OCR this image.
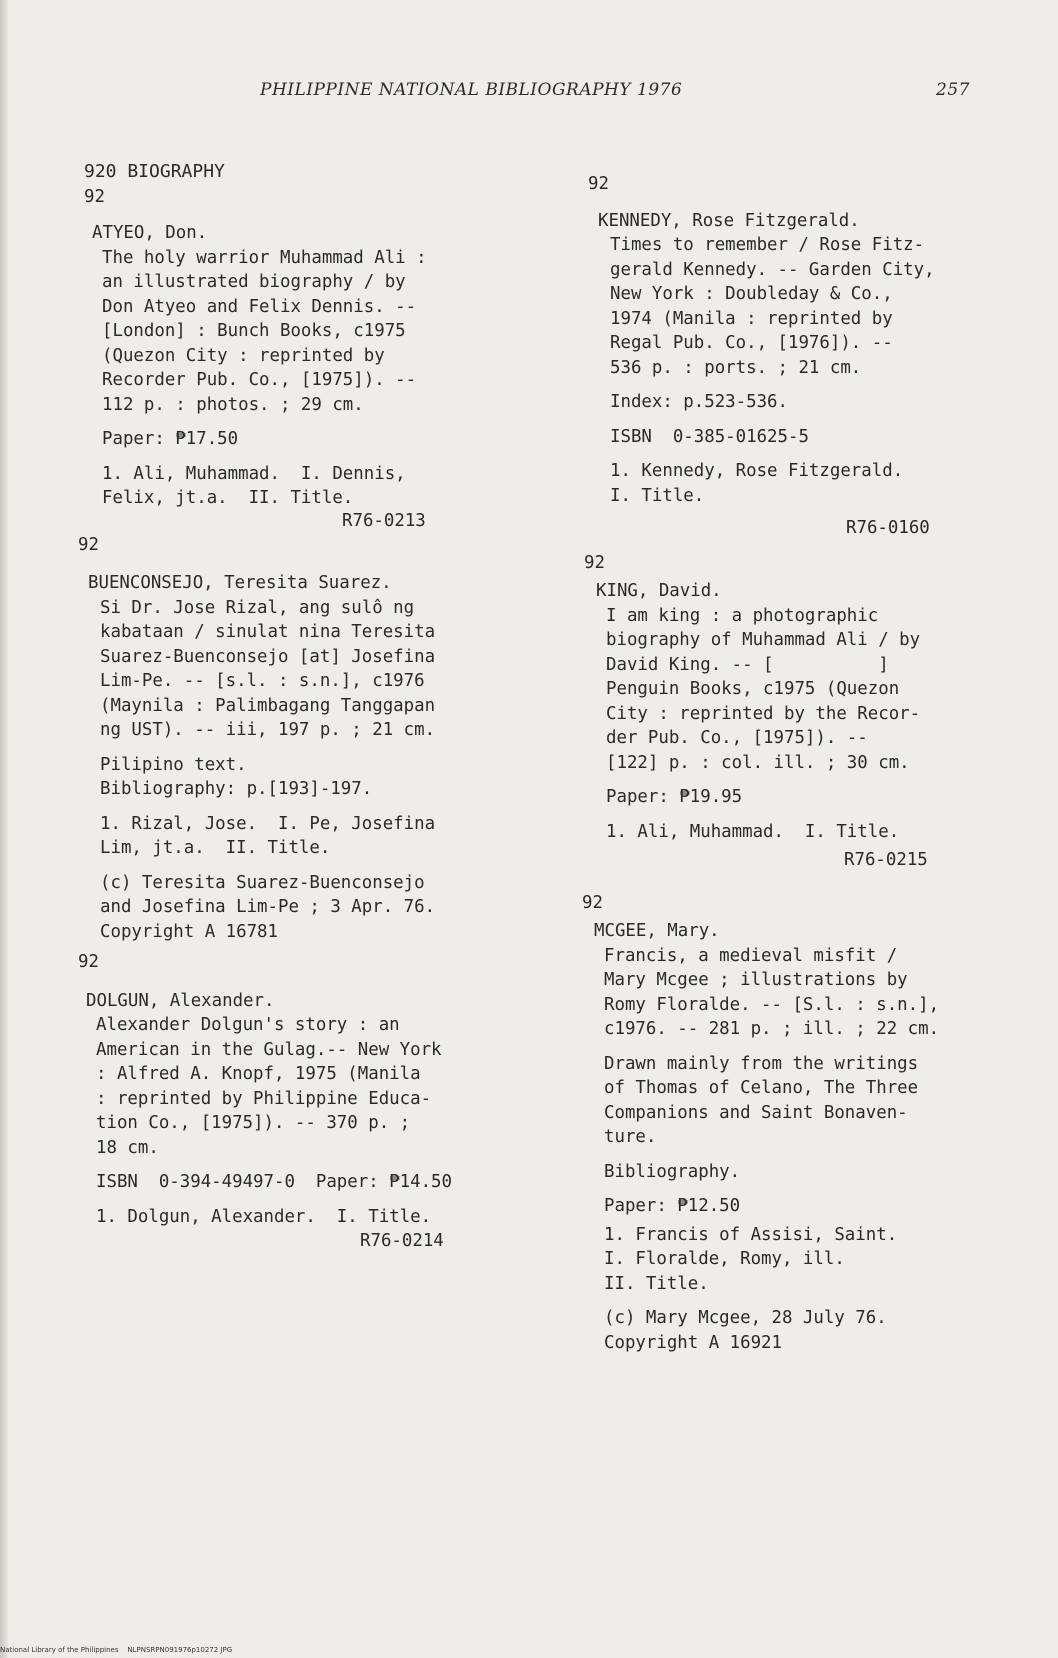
PHILIPPINE NATIONAL BIBLIOGRAPHY 1976	257
920 BIOGRAPHY
92
ATYEO, Don.
The holy warrior Muhammad Ali :
an illustrated biography / by
Don Atyeo and Felix Dennis. --
[London] : Bunch Books, c1975
(Quezon City : reprinted by
Recorder Pub. Co., [1975]). --
112 p. : photos. ; 29 cm.
Paper: ₱17.50
1. Ali, Muhammad.  I. Dennis,
Felix, jt.a.  II. Title.
R76-0213
92
BUENCONSEJO, Teresita Suarez.
Si Dr. Jose Rizal, ang sulô ng
kabataan / sinulat nina Teresita
Suarez-Buenconsejo [at] Josefina
Lim-Pe. -- [s.l. : s.n.], c1976
(Maynila : Palimbagang Tanggapan
ng UST). -- iii, 197 p. ; 21 cm.
Pilipino text.
Bibliography: p.[193]-197.
1. Rizal, Jose.  I. Pe, Josefina
Lim, jt.a.  II. Title.
(c) Teresita Suarez-Buenconsejo
and Josefina Lim-Pe ; 3 Apr. 76.
Copyright A 16781
92
DOLGUN, Alexander.
Alexander Dolgun's story : an
American in the Gulag.-- New York
: Alfred A. Knopf, 1975 (Manila
: reprinted by Philippine Educa-
tion Co., [1975]). -- 370 p. ;
18 cm.
ISBN  0-394-49497-0  Paper: ₱14.50
1. Dolgun, Alexander.  I. Title.
R76-0214
92
KENNEDY, Rose Fitzgerald.
Times to remember / Rose Fitz-
gerald Kennedy. -- Garden City,
New York : Doubleday & Co.,
1974 (Manila : reprinted by
Regal Pub. Co., [1976]). --
536 p. : ports. ; 21 cm.
Index: p.523-536.
ISBN  0-385-01625-5
1. Kennedy, Rose Fitzgerald.
I. Title.
R76-0160
92
KING, David.
I am king : a photographic
biography of Muhammad Ali / by
David King. -- [          ]
Penguin Books, c1975 (Quezon
City : reprinted by the Recor-
der Pub. Co., [1975]). --
[122] p. : col. ill. ; 30 cm.
Paper: ₱19.95
1. Ali, Muhammad.  I. Title.
R76-0215
92
MCGEE, Mary.
Francis, a medieval misfit /
Mary Mcgee ; illustrations by
Romy Floralde. -- [S.l. : s.n.],
c1976. -- 281 p. ; ill. ; 22 cm.
Drawn mainly from the writings
of Thomas of Celano, The Three
Companions and Saint Bonaven-
ture.
Bibliography.
Paper: ₱12.50
1. Francis of Assisi, Saint.
I. Floralde, Romy, ill.
II. Title.
(c) Mary Mcgee, 28 July 76.
Copyright A 16921
National Library of the Philippines    NLPNSRPN091976p10272 JPG
